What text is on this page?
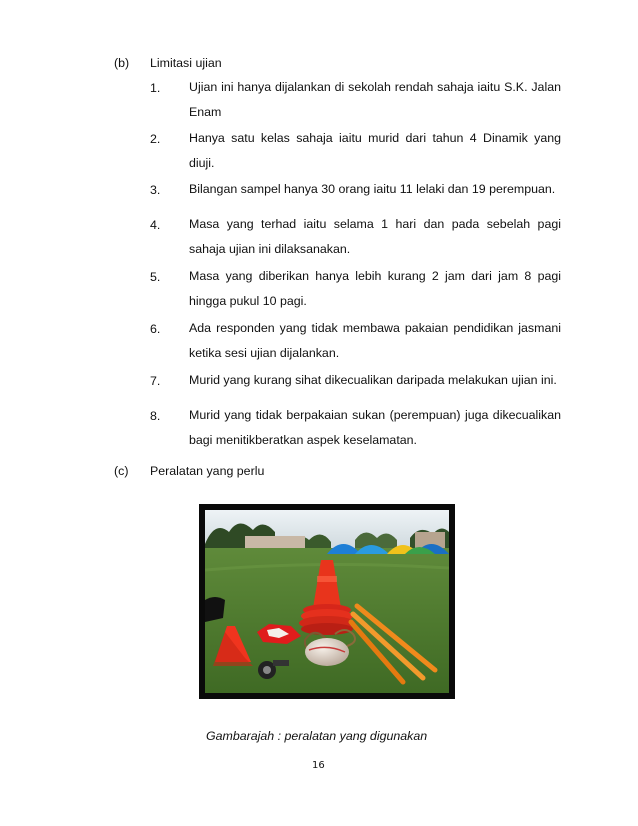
(b) Limitasi ujian
1. Ujian ini hanya dijalankan di sekolah rendah sahaja iaitu S.K. Jalan
Enam
2. Hanya satu kelas sahaja iaitu murid dari tahun 4 Dinamik yang
diuji.
3. Bilangan sampel hanya 30 orang iaitu 11 lelaki dan 19 perempuan.
4. Masa yang terhad iaitu selama 1 hari dan pada sebelah pagi
sahaja ujian ini dilaksanakan.
5. Masa yang diberikan hanya lebih kurang 2 jam dari jam 8 pagi
hingga pukul 10 pagi.
6. Ada responden yang tidak membawa pakaian pendidikan jasmani
ketika sesi ujian dijalankan.
7. Murid yang kurang sihat dikecualikan daripada melakukan ujian ini.
8. Murid yang tidak berpakaian sukan (perempuan) juga dikecualikan
bagi menitikberatkan aspek keselamatan.
(c) Peralatan yang perlu
Gambarajah : peralatan yang digunakan
16
